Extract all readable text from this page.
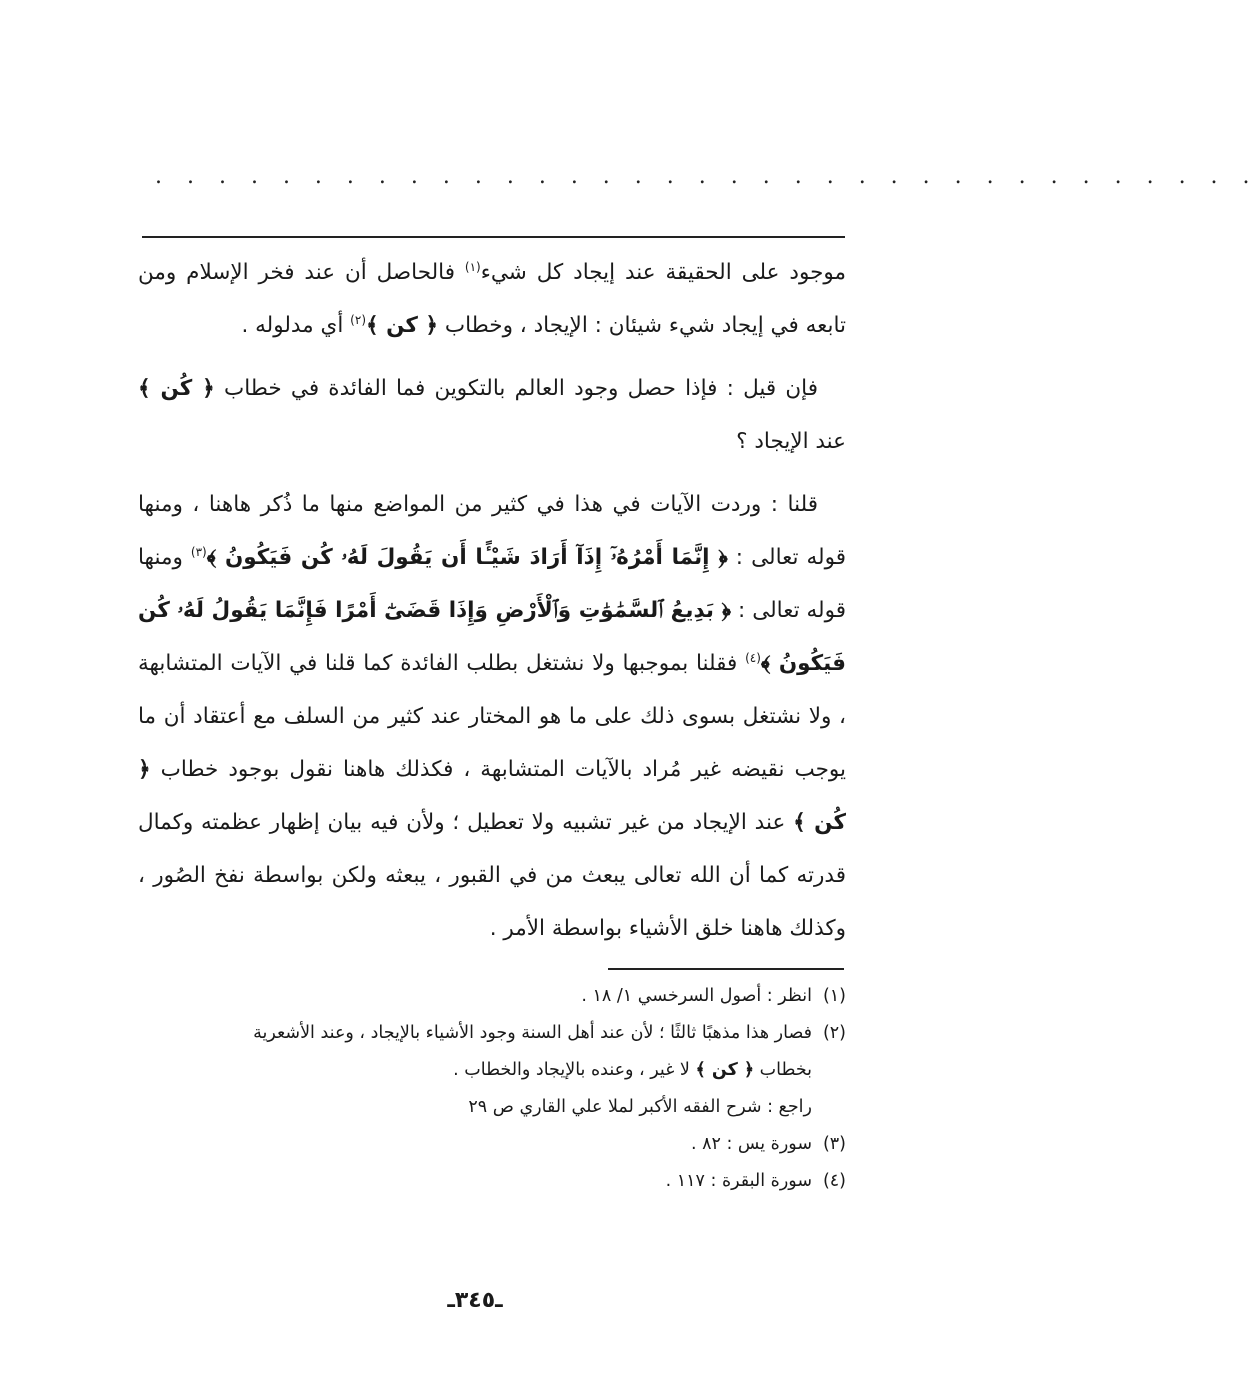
. . . . . . . . . . . . . . . . . . . . . . . . . . . . . . . . . . .

موجود على الحقيقة عند إيجاد كل شيء$^{(١)}$ فالحاصل أن عند فخر الإسلام ومن تابعه في إيجاد شيء شيئان : الإيجاد ، وخطاب ﴿ كن ﴾$^{(٢)}$ أي مدلوله .

فإن قيل : فإذا حصل وجود العالم بالتكوين فما الفائدة في خطاب ﴿ كُن ﴾ عند الإيجاد ؟

قلنا : وردت الآيات في هذا في كثير من المواضع منها ما ذُكر هاهنا ، ومنها قوله تعالى : ﴿ إِنَّمَا أَمْرُهُۥٓ إِذَآ أَرَادَ شَيْـًٔا أَن يَقُولَ لَهُۥ كُن فَيَكُونُ ﴾$^{(٣)}$ ومنها قوله تعالى : ﴿ بَدِيعُ ٱلسَّمَٰوَٰتِ وَٱلْأَرْضِ وَإِذَا قَضَىٰٓ أَمْرًا فَإِنَّمَا يَقُولُ لَهُۥ كُن فَيَكُونُ ﴾$^{(٤)}$ فقلنا بموجبها ولا نشتغل بطلب الفائدة كما قلنا في الآيات المتشابهة ، ولا نشتغل بسوى ذلك على ما هو المختار عند كثير من السلف مع أعتقاد أن ما يوجب نقيضه غير مُراد بالآيات المتشابهة ، فكذلك هاهنا نقول بوجود خطاب ﴿ كُن ﴾ عند الإيجاد من غير تشبيه ولا تعطيل ؛ ولأن فيه بيان إظهار عظمته وكمال قدرته كما أن الله تعالى يبعث من في القبور ، يبعثه ولكن بواسطة نفخ الصُور ، وكذلك هاهنا خلق الأشياء بواسطة الأمر .

(١)انظر : أصول السرخسي ١/ ١٨ .

(٢)فصار هذا مذهبًا ثالثًا ؛ لأن عند أهل السنة وجود الأشياء بالإيجاد ، وعند الأشعرية
بخطاب ﴿ كن ﴾ لا غير ، وعنده بالإيجاد والخطاب .
راجع : شرح الفقه الأكبر لملا علي القاري ص ٢٩

(٣)سورة يس : ٨٢ .

(٤)سورة البقرة : ١١٧ .

ـ٣٤٥ـ
